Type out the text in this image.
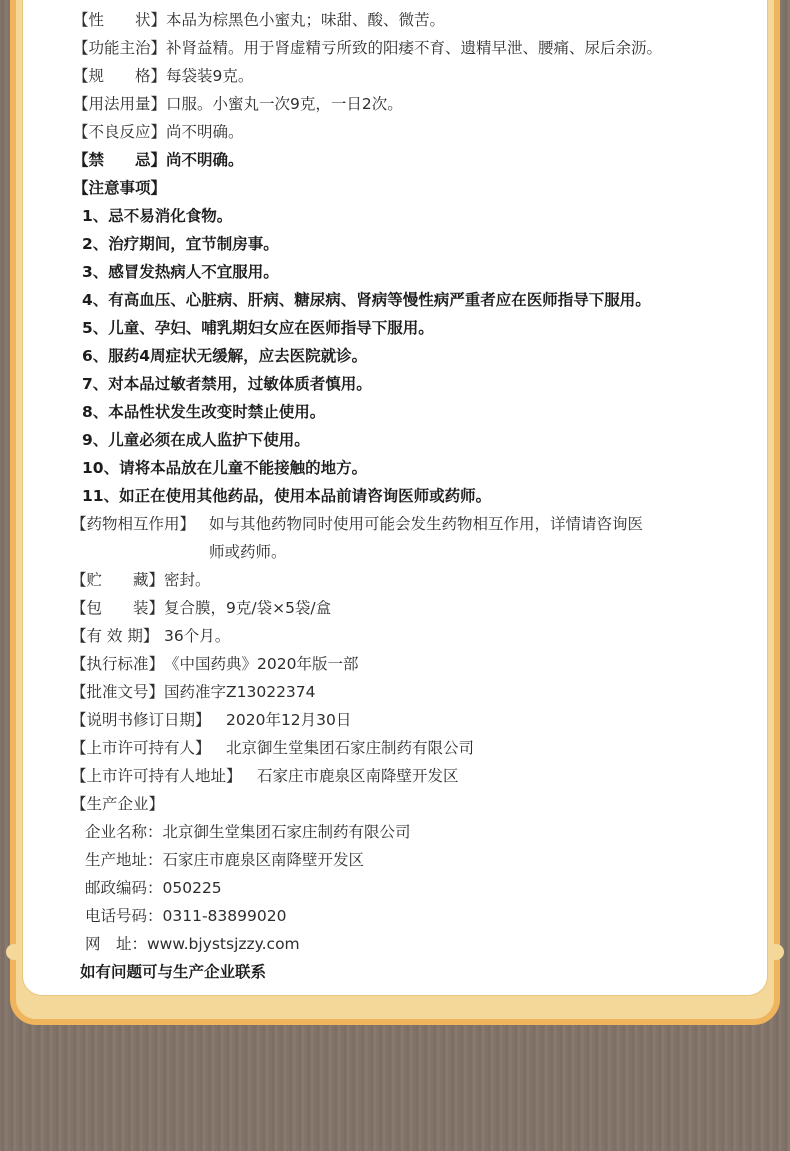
【性　　状】 本品为棕黑色小蜜丸；味甜、酸、微苦。
【功能主治】 补肾益精。用于肾虚精亏所致的阳痿不育、遗精早泄、腰痛、尿后余沥。
【规　　格】 每袋装9克。
【用法用量】 口服。小蜜丸一次9克，一日2次。
【不良反应】 尚不明确。
【禁　　忌】 尚不明确。
【注意事项】
1、忌不易消化食物。
2、治疗期间，宜节制房事。
3、感冒发热病人不宜服用。
4、有高血压、心脏病、肝病、糖尿病、肾病等慢性病严重者应在医师指导下服用。
5、儿童、孕妇、哺乳期妇女应在医师指导下服用。
6、服药4周症状无缓解，应去医院就诊。
7、对本品过敏者禁用，过敏体质者慎用。
8、本品性状发生改变时禁止使用。
9、儿童必须在成人监护下使用。
10、请将本品放在儿童不能接触的地方。
11、如正在使用其他药品，使用本品前请咨询医师或药师。
【药物相互作用】 如与其他药物同时使用可能会发生药物相互作用，详情请咨询医
师或药师。
【贮　　藏】 密封。
【包　　装】 复合膜，9克/袋×5袋/盒
【有 效 期】 36个月。
【执行标准】 《中国药典》2020年版一部
【批准文号】 国药准字Z13022374
【说明书修订日期】 2020年12月30日
【上市许可持有人】 北京御生堂集团石家庄制药有限公司
【上市许可持有人地址】 石家庄市鹿泉区南降壁开发区
【生产企业】
企业名称：北京御生堂集团石家庄制药有限公司
生产地址：石家庄市鹿泉区南降壁开发区
邮政编码：050225
电话号码：0311-83899020
网　址：www.bjystsjzzy.com
如有问题可与生产企业联系
